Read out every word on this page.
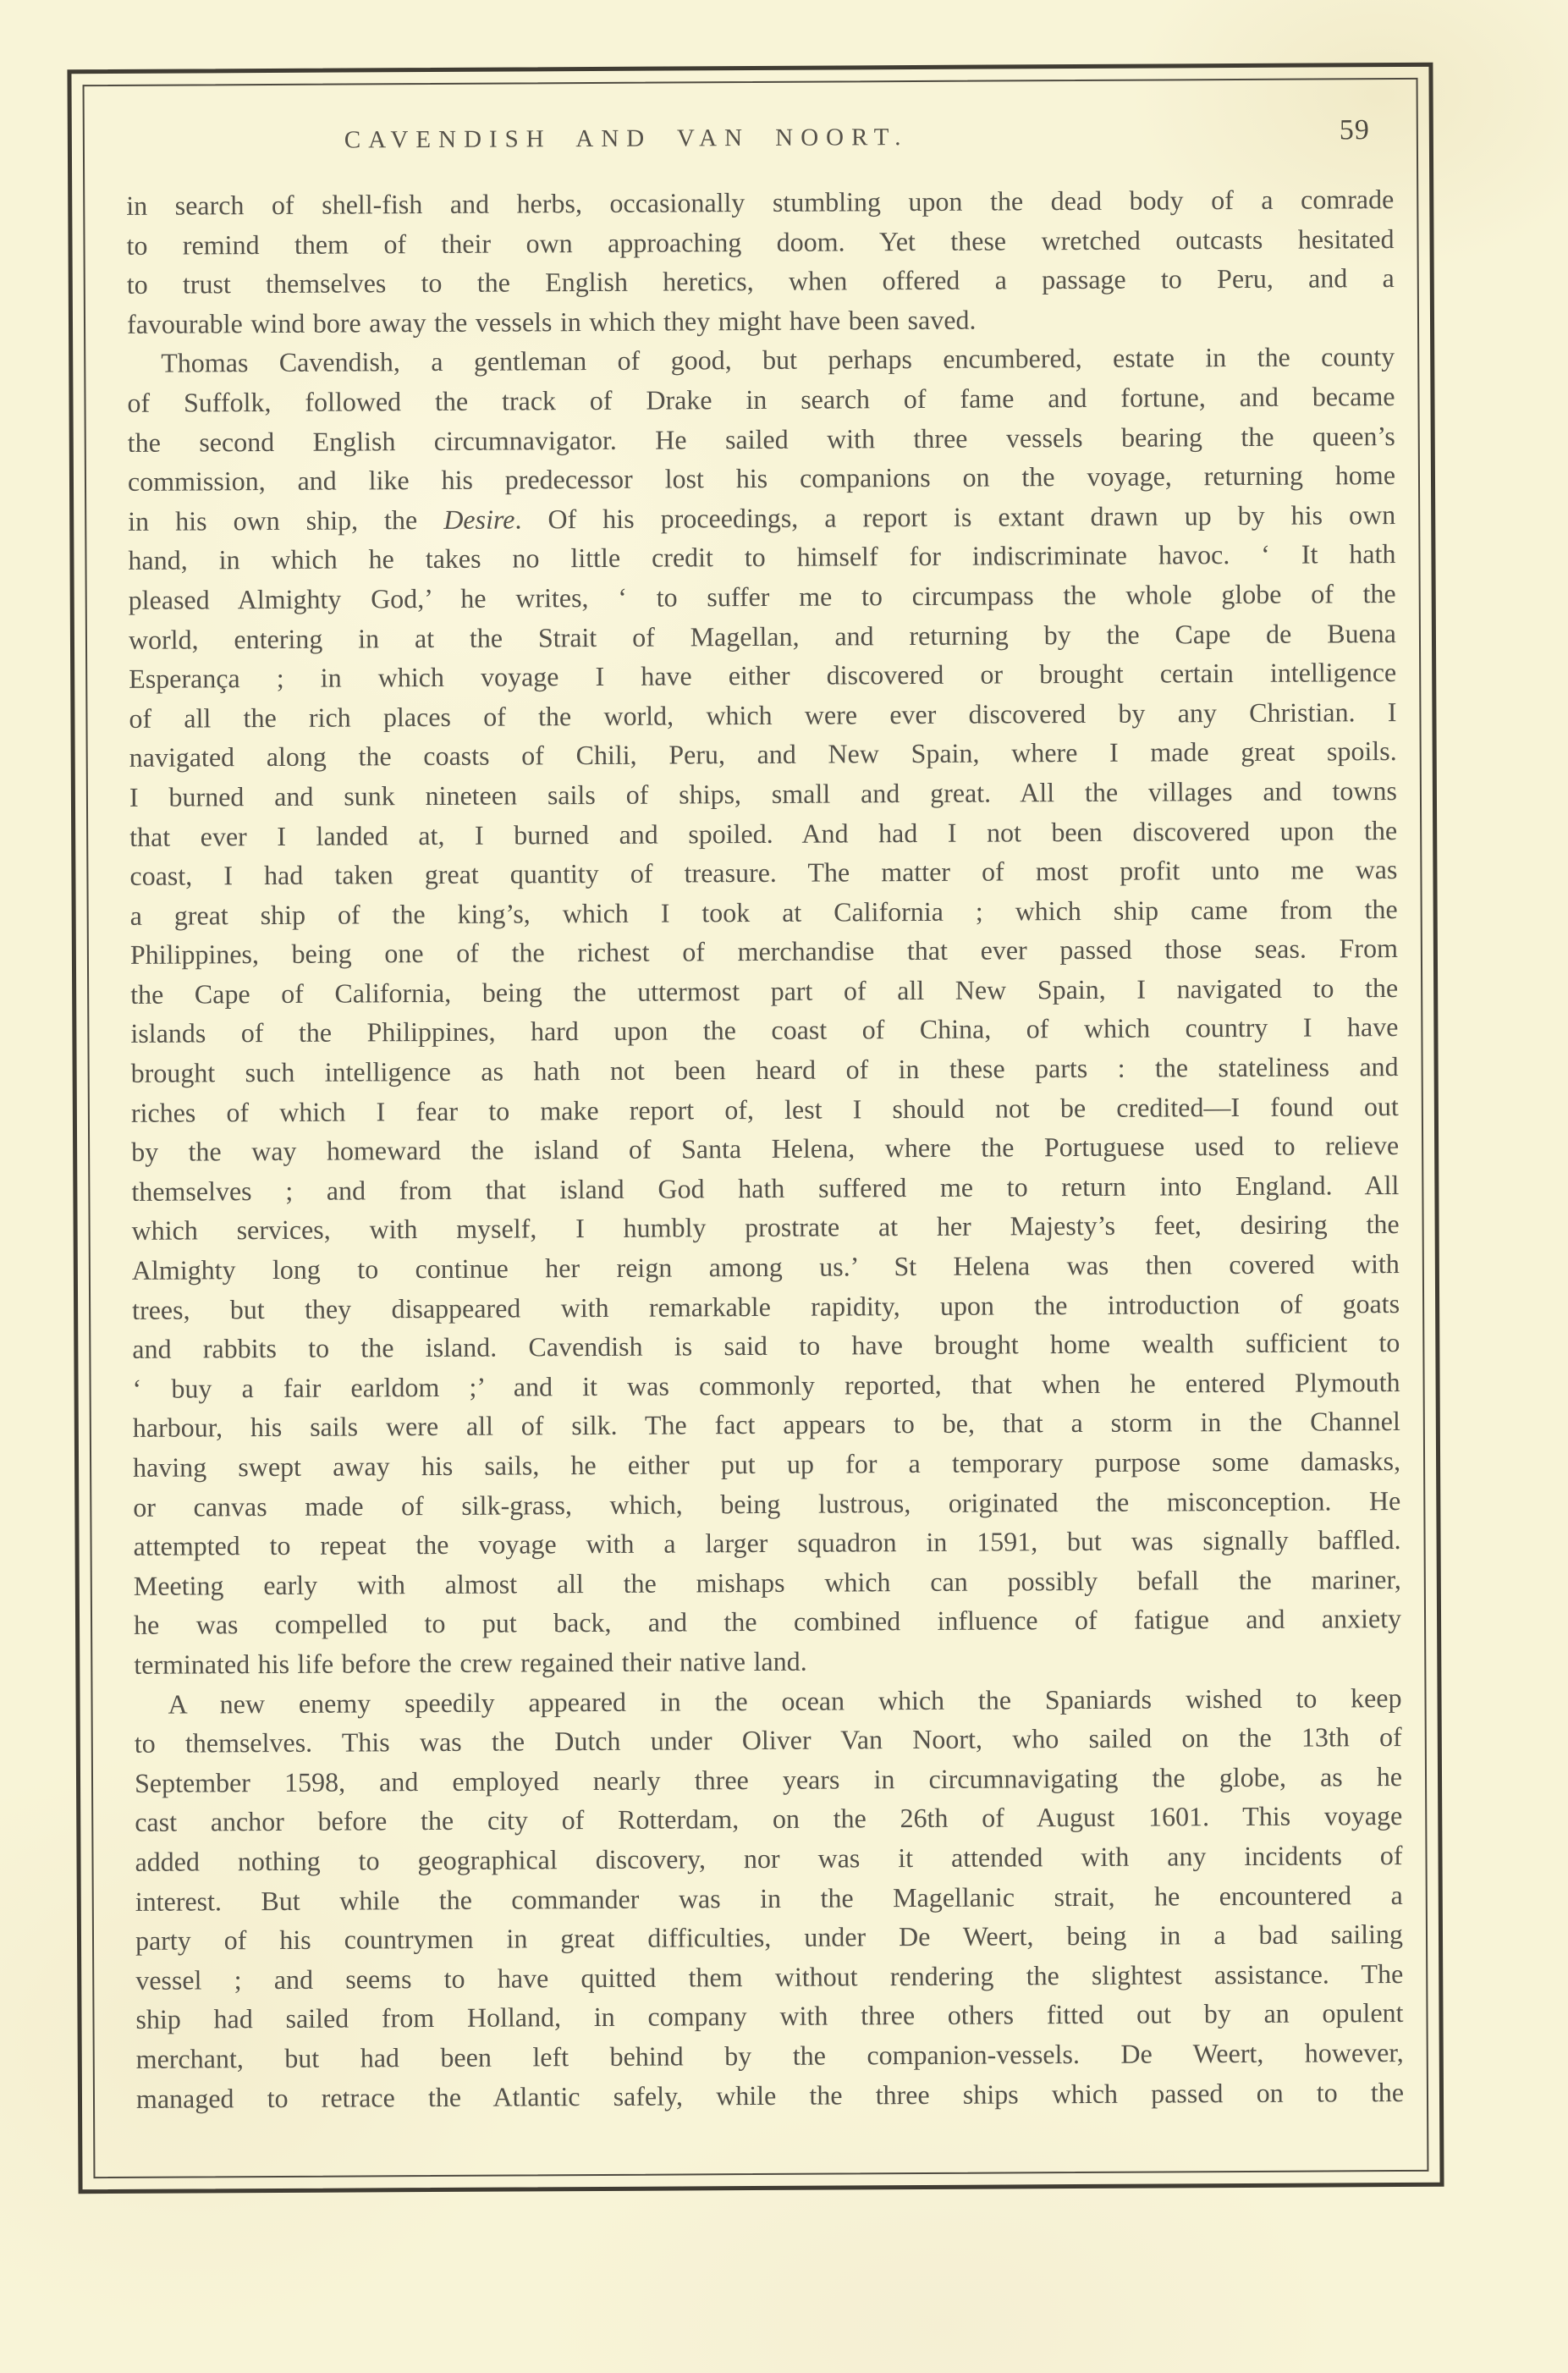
CAVENDISH AND VAN NOORT.	59
in search of shell-fish and herbs, occasionally stumbling upon the dead body of a comrade
to remind them of their own approaching doom. Yet these wretched outcasts hesitated
to trust themselves to the English heretics, when offered a passage to Peru, and a
favourable wind bore away the vessels in which they might have been saved.
Thomas Cavendish, a gentleman of good, but perhaps encumbered, estate in the county
of Suffolk, followed the track of Drake in search of fame and fortune, and became
the second English circumnavigator. He sailed with three vessels bearing the queen’s
commission, and like his predecessor lost his companions on the voyage, returning home
in his own ship, the Desire. Of his proceedings, a report is extant drawn up by his own
hand, in which he takes no little credit to himself for indiscriminate havoc. ‘ It hath
pleased Almighty God,’ he writes, ‘ to suffer me to circumpass the whole globe of the
world, entering in at the Strait of Magellan, and returning by the Cape de Buena
Esperança ; in which voyage I have either discovered or brought certain intelligence
of all the rich places of the world, which were ever discovered by any Christian. I
navigated along the coasts of Chili, Peru, and New Spain, where I made great spoils.
I burned and sunk nineteen sails of ships, small and great. All the villages and towns
that ever I landed at, I burned and spoiled. And had I not been discovered upon the
coast, I had taken great quantity of treasure. The matter of most profit unto me was
a great ship of the king’s, which I took at California ; which ship came from the
Philippines, being one of the richest of merchandise that ever passed those seas. From
the Cape of California, being the uttermost part of all New Spain, I navigated to the
islands of the Philippines, hard upon the coast of China, of which country I have
brought such intelligence as hath not been heard of in these parts : the stateliness and
riches of which I fear to make report of, lest I should not be credited—I found out
by the way homeward the island of Santa Helena, where the Portuguese used to relieve
themselves ; and from that island God hath suffered me to return into England. All
which services, with myself, I humbly prostrate at her Majesty’s feet, desiring the
Almighty long to continue her reign among us.’ St Helena was then covered with
trees, but they disappeared with remarkable rapidity, upon the introduction of goats
and rabbits to the island. Cavendish is said to have brought home wealth sufficient to
‘ buy a fair earldom ;’ and it was commonly reported, that when he entered Plymouth
harbour, his sails were all of silk. The fact appears to be, that a storm in the Channel
having swept away his sails, he either put up for a temporary purpose some damasks,
or canvas made of silk-grass, which, being lustrous, originated the misconception. He
attempted to repeat the voyage with a larger squadron in 1591, but was signally baffled.
Meeting early with almost all the mishaps which can possibly befall the mariner,
he was compelled to put back, and the combined influence of fatigue and anxiety
terminated his life before the crew regained their native land.
A new enemy speedily appeared in the ocean which the Spaniards wished to keep
to themselves. This was the Dutch under Oliver Van Noort, who sailed on the 13th of
September 1598, and employed nearly three years in circumnavigating the globe, as he
cast anchor before the city of Rotterdam, on the 26th of August 1601. This voyage
added nothing to geographical discovery, nor was it attended with any incidents of
interest. But while the commander was in the Magellanic strait, he encountered a
party of his countrymen in great difficulties, under De Weert, being in a bad sailing
vessel ; and seems to have quitted them without rendering the slightest assistance. The
ship had sailed from Holland, in company with three others fitted out by an opulent
merchant, but had been left behind by the companion-vessels. De Weert, however,
managed to retrace the Atlantic safely, while the three ships which passed on to the
